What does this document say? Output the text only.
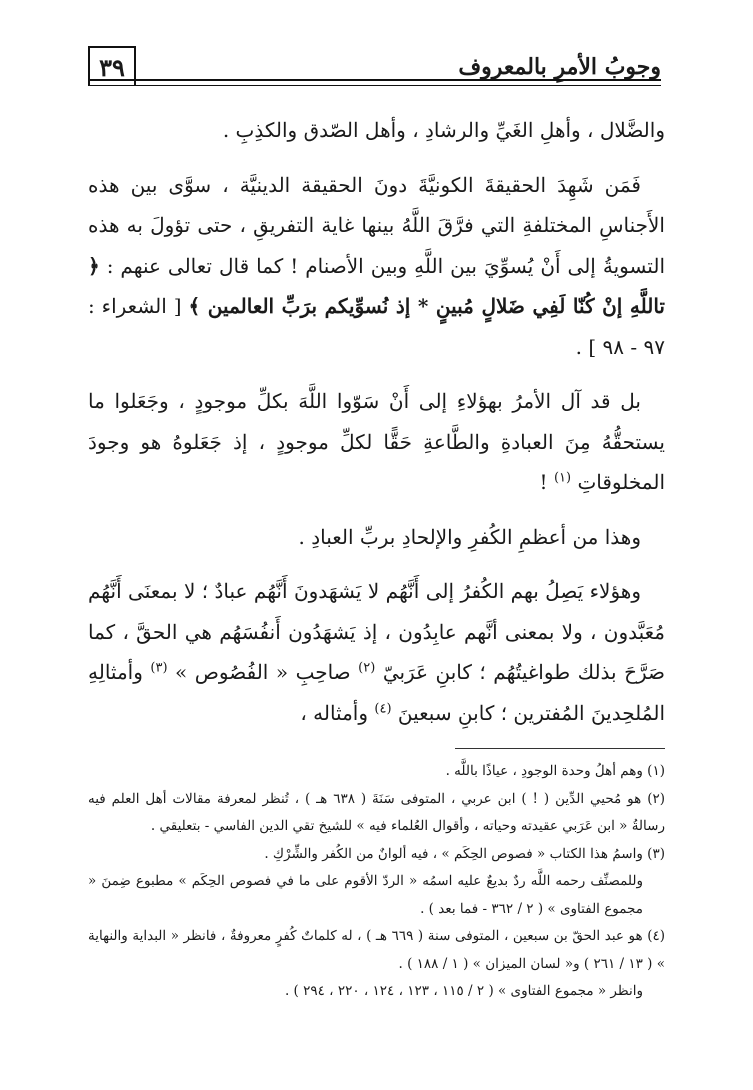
٣٩	وجوبُ الأمرِ بالمعروف

والضَّلال ، وأهلِ الغَيِّ والرشادِ ، وأهل الصّدق والكذِبِ .

فَمَن شَهِدَ الحقيقةَ الكونيَّةَ دونَ الحقيقة الدينيَّة ، سوَّى بين هذه الأَجناسِ المختلفةِ التي فرَّقَ اللَّهُ بينها غاية التفريقِ ، حتى تؤولَ به هذه التسويةُ إلى أَنْ يُسوِّيَ بين اللَّهِ وبين الأصنام ! كما قال تعالى عنهم : ﴿ تاللَّهِ إنْ كُنّا لَفِي ضَلالٍ مُبينٍ * إذ نُسوِّيكم برَبِّ العالمين ﴾ [ الشعراء : ٩٧ - ٩٨ ] .

بل قد آل الأمرُ بهؤلاءِ إلى أَنْ سَوّوا اللَّهَ بكلِّ موجودٍ ، وجَعَلوا ما يستحقُّهُ مِنَ العبادةِ والطَّاعةِ حَقًّا لكلِّ موجودٍ ، إذ جَعَلوهُ هو وجودَ المخلوقاتِ $^{(١)}$ !

وهذا من أعظمِ الكُفرِ والإلحادِ بربِّ العبادِ .

وهؤلاء يَصِلُ بهم الكُفرُ إلى أَنَّهُم لا يَشهَدونَ أَنَّهُم عبادٌ ؛ لا بمعنَى أَنَّهُم مُعَبَّدون ، ولا بمعنى أنَّهم عابِدُون ، إذ يَشهَدُون أَنفُسَهُم هي الحقَّ ، كما صَرَّحَ بذلك طواغيتُهُم ؛ كابنِ عَرَبيّ $^{(٢)}$ صاحِبِ « الفُصُوص » $^{(٣)}$ وأمثالِهِ المُلحِدينَ المُفترين ؛ كابنِ سبعينَ $^{(٤)}$ وأمثاله ،

(١) وهم أهلُ وحدة الوجودِ ، عياذًا باللَّه .

(٢) هو مُحيي الدِّين ( ! ) ابن عربي ، المتوفى سَنَةَ ( ٦٣٨ هـ ) ، تُنظر لمعرفة مقالات أهل العلم فيه رسالةُ « ابن عَرَبي عقيدته وحياته ، وأقوال العُلماء فيه » للشيخ تقي الدين الفاسي - بتعليقي .

(٣) واسمُ هذا الكتاب « فصوص الحِكَم » ، فيه ألوانٌ من الكُفر والشِّرْكِ .

وللمصنِّف رحمه اللَّه ردٌ بديعٌ عليه اسمُه « الردّ الأقوم على ما في فصوص الحِكَم » مطبوع ضِمنَ « مجموع الفتاوى » ( ٢ / ٣٦٢ - فما بعد ) .

(٤) هو عبد الحقّ بن سبعين ، المتوفى سنة ( ٦٦٩ هـ ) ، له كلماتٌ كُفرٍ معروفةٌ ، فانظر « البداية والنهاية » ( ١٣ / ٢٦١ ) و« لسان الميزان » ( ١ / ١٨٨ ) .

وانظر « مجموع الفتاوى » ( ٢ / ١١٥ ، ١٢٣ ، ١٢٤ ، ٢٢٠ ، ٢٩٤ ) .
